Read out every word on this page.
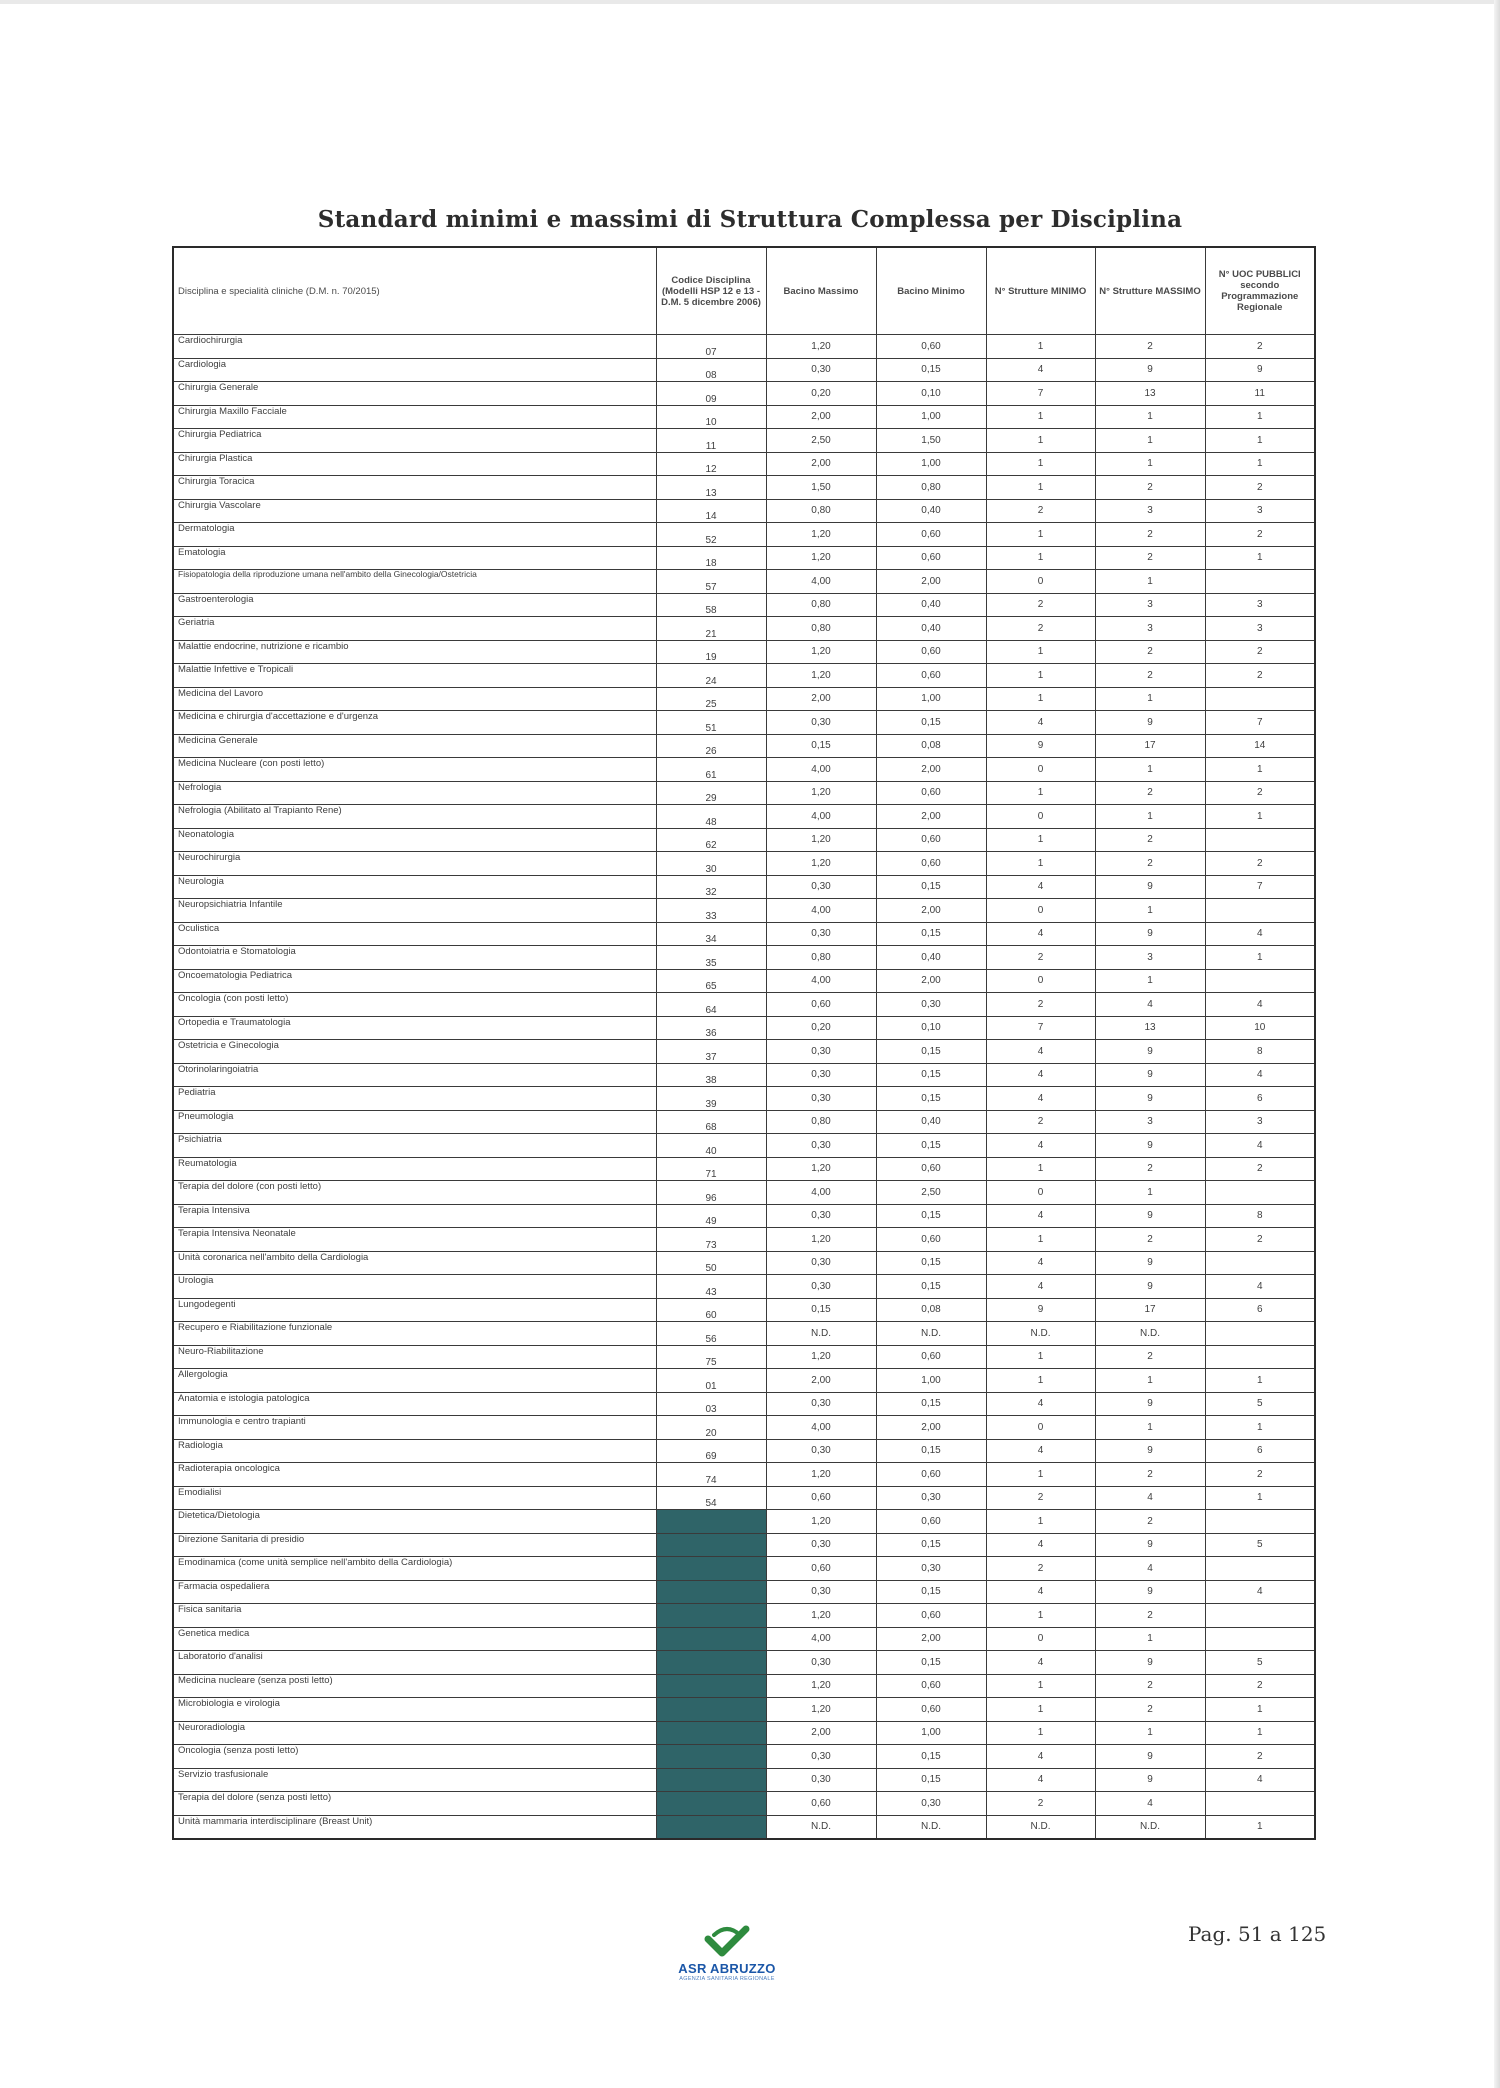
Standard minimi e massimi di Struttura Complessa per Disciplina
Disciplina e specialità cliniche (D.M. n. 70/2015)	Codice Disciplina (Modelli HSP 12 e 13 - D.M. 5 dicembre 2006)	Bacino Massimo	Bacino Minimo	N° Strutture MINIMO	N° Strutture MASSIMO	N° UOC PUBBLICI secondo Programmazione Regionale
Cardiochirurgia	07	1,20	0,60	1	2	2
Cardiologia	08	0,30	0,15	4	9	9
Chirurgia Generale	09	0,20	0,10	7	13	11
Chirurgia Maxillo Facciale	10	2,00	1,00	1	1	1
Chirurgia Pediatrica	11	2,50	1,50	1	1	1
Chirurgia Plastica	12	2,00	1,00	1	1	1
Chirurgia Toracica	13	1,50	0,80	1	2	2
Chirurgia Vascolare	14	0,80	0,40	2	3	3
Dermatologia	52	1,20	0,60	1	2	2
Ematologia	18	1,20	0,60	1	2	1
Fisiopatologia della riproduzione umana nell'ambito della Ginecologia/Ostetricia	57	4,00	2,00	0	1	
Gastroenterologia	58	0,80	0,40	2	3	3
Geriatria	21	0,80	0,40	2	3	3
Malattie endocrine, nutrizione e ricambio	19	1,20	0,60	1	2	2
Malattie Infettive e Tropicali	24	1,20	0,60	1	2	2
Medicina del Lavoro	25	2,00	1,00	1	1	
Medicina e chirurgia d'accettazione e d'urgenza	51	0,30	0,15	4	9	7
Medicina Generale	26	0,15	0,08	9	17	14
Medicina Nucleare (con posti letto)	61	4,00	2,00	0	1	1
Nefrologia	29	1,20	0,60	1	2	2
Nefrologia (Abilitato al Trapianto Rene)	48	4,00	2,00	0	1	1
Neonatologia	62	1,20	0,60	1	2	
Neurochirurgia	30	1,20	0,60	1	2	2
Neurologia	32	0,30	0,15	4	9	7
Neuropsichiatria Infantile	33	4,00	2,00	0	1	
Oculistica	34	0,30	0,15	4	9	4
Odontoiatria e Stomatologia	35	0,80	0,40	2	3	1
Oncoematologia Pediatrica	65	4,00	2,00	0	1	
Oncologia (con posti letto)	64	0,60	0,30	2	4	4
Ortopedia e Traumatologia	36	0,20	0,10	7	13	10
Ostetricia e Ginecologia	37	0,30	0,15	4	9	8
Otorinolaringoiatria	38	0,30	0,15	4	9	4
Pediatria	39	0,30	0,15	4	9	6
Pneumologia	68	0,80	0,40	2	3	3
Psichiatria	40	0,30	0,15	4	9	4
Reumatologia	71	1,20	0,60	1	2	2
Terapia del dolore (con posti letto)	96	4,00	2,50	0	1	
Terapia Intensiva	49	0,30	0,15	4	9	8
Terapia Intensiva Neonatale	73	1,20	0,60	1	2	2
Unità coronarica nell'ambito della Cardiologia	50	0,30	0,15	4	9	
Urologia	43	0,30	0,15	4	9	4
Lungodegenti	60	0,15	0,08	9	17	6
Recupero e Riabilitazione funzionale	56	N.D.	N.D.	N.D.	N.D.	
Neuro-Riabilitazione	75	1,20	0,60	1	2	
Allergologia	01	2,00	1,00	1	1	1
Anatomia e istologia patologica	03	0,30	0,15	4	9	5
Immunologia e centro trapianti	20	4,00	2,00	0	1	1
Radiologia	69	0,30	0,15	4	9	6
Radioterapia oncologica	74	1,20	0,60	1	2	2
Emodialisi	54	0,60	0,30	2	4	1
Dietetica/Dietologia		1,20	0,60	1	2	
Direzione Sanitaria di presidio		0,30	0,15	4	9	5
Emodinamica (come unità semplice nell'ambito della Cardiologia)		0,60	0,30	2	4	
Farmacia ospedaliera		0,30	0,15	4	9	4
Fisica sanitaria		1,20	0,60	1	2	
Genetica medica		4,00	2,00	0	1	
Laboratorio d'analisi		0,30	0,15	4	9	5
Medicina nucleare (senza posti letto)		1,20	0,60	1	2	2
Microbiologia e virologia		1,20	0,60	1	2	1
Neuroradiologia		2,00	1,00	1	1	1
Oncologia (senza posti letto)		0,30	0,15	4	9	2
Servizio trasfusionale		0,30	0,15	4	9	4
Terapia del dolore (senza posti letto)		0,60	0,30	2	4	
Unità mammaria interdisciplinare (Breast Unit)		N.D.	N.D.	N.D.	N.D.	1
ASR ABRUZZO
AGENZIA SANITARIA REGIONALE
Pag. 51 a 125
